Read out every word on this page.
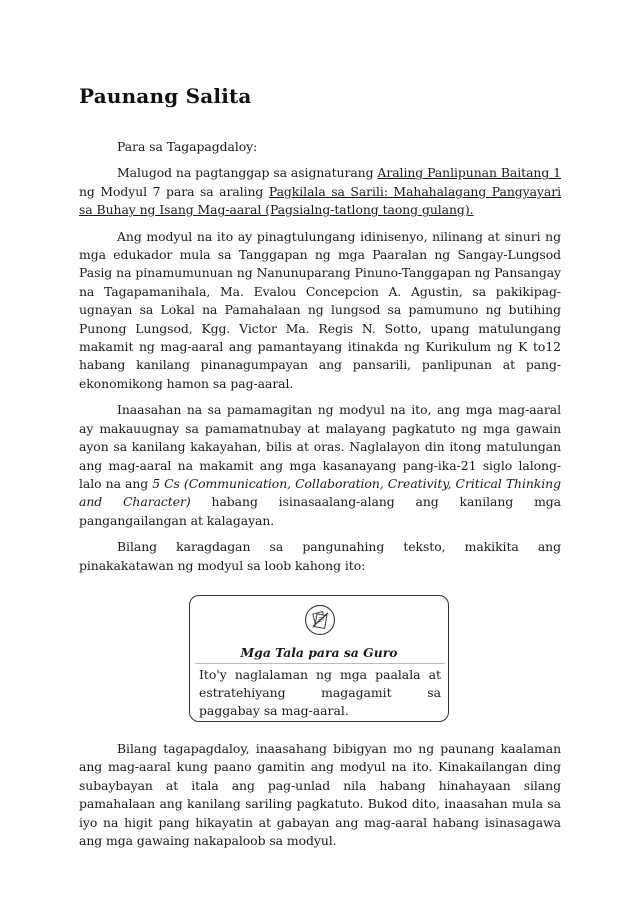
Paunang Salita

Para sa Tagapagdaloy:

Malugod na pagtanggap sa asignaturang Araling Panlipunan Baitang 1 ng Modyul 7 para sa araling Pagkilala sa Sarili: Mahahalagang Pangyayari sa Buhay ng Isang Mag-aaral (Pagsialng-tatlong taong gulang).

Ang modyul na ito ay pinagtulungang idinisenyo, nilinang at sinuri ng mga edukador mula sa Tanggapan ng mga Paaralan ng Sangay-Lungsod Pasig na pinamumunuan ng Nanunuparang Pinuno-Tanggapan ng Pansangay na Tagapamanihala, Ma. Evalou Concepcion A. Agustin, sa pakikipag-ugnayan sa Lokal na Pamahalaan ng lungsod sa pamumuno ng butihing Punong Lungsod, Kgg. Victor Ma. Regis N. Sotto, upang matulungang makamit ng mag-aaral ang pamantayang itinakda ng Kurikulum ng K to12 habang kanilang pinanagumpayan ang pansarili, panlipunan at pang-ekonomikong hamon sa pag-aaral.

Inaasahan na sa pamamagitan ng modyul na ito, ang mga mag-aaral ay makauugnay sa pamamatnubay at malayang pagkatuto ng mga gawain ayon sa kanilang kakayahan, bilis at oras. Naglalayon din itong matulungan ang mag-aaral na makamit ang mga kasanayang pang-ika-21 siglo lalong-lalo na ang 5 Cs (Communication, Collaboration, Creativity, Critical Thinking and Character) habang isinasaalang-alang ang kanilang mga pangangailangan at kalagayan.

Bilang karagdagan sa pangunahing teksto, makikita ang pinakakatawan ng modyul sa loob kahong ito:

Mga Tala para sa Guro
Ito'y naglalaman ng mga paalala at estratehiyang magagamit sa paggabay sa mag-aaral.

Bilang tagapagdaloy, inaasahang bibigyan mo ng paunang kaalaman ang mag-aaral kung paano gamitin ang modyul na ito. Kinakailangan ding subaybayan at itala ang pag-unlad nila habang hinahayaan silang pamahalaan ang kanilang sariling pagkatuto. Bukod dito, inaasahan mula sa iyo na higit pang hikayatin at gabayan ang mag-aaral habang isinasagawa ang mga gawaing nakapaloob sa modyul.
